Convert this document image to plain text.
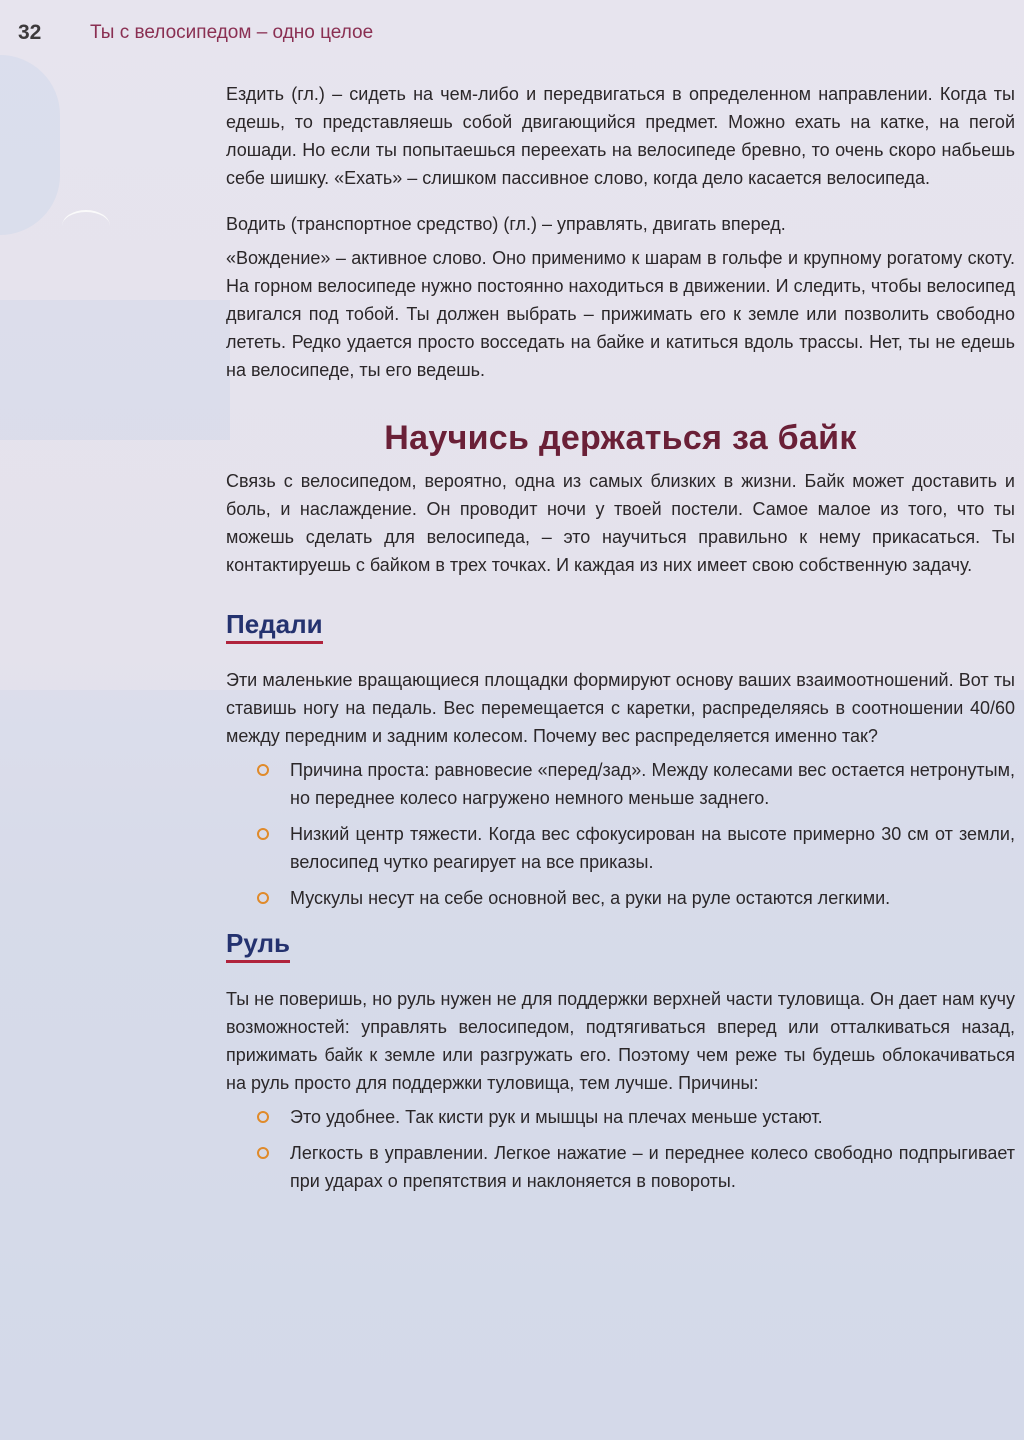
32	Ты с велосипедом – одно целое

Ездить (гл.) – сидеть на чем-либо и передвигаться в определенном направлении. Когда ты едешь, то представляешь собой двигающийся предмет. Можно ехать на катке, на пегой лошади. Но если ты попытаешься переехать на велосипеде бревно, то очень скоро набьешь себе шишку. «Ехать» – слишком пассивное слово, когда дело касается велосипеда.

Водить (транспортное средство) (гл.) – управлять, двигать вперед.

«Вождение» – активное слово. Оно применимо к шарам в гольфе и крупному рогатому скоту. На горном велосипеде нужно постоянно находиться в движении. И следить, чтобы велосипед двигался под тобой. Ты должен выбрать – прижимать его к земле или позволить свободно лететь. Редко удается просто восседать на байке и катиться вдоль трассы. Нет, ты не едешь на велосипеде, ты его ведешь.

Научись держаться за байк

Связь с велосипедом, вероятно, одна из самых близких в жизни. Байк может доставить и боль, и наслаждение. Он проводит ночи у твоей постели. Самое малое из того, что ты можешь сделать для велосипеда, – это научиться правильно к нему прикасаться. Ты контактируешь с байком в трех точках. И каждая из них имеет свою собственную задачу.

Педали

Эти маленькие вращающиеся площадки формируют основу ваших взаимоотношений. Вот ты ставишь ногу на педаль. Вес перемещается с каретки, распределяясь в соотношении 40/60 между передним и задним колесом. Почему вес распределяется именно так?

Причина проста: равновесие «перед/зад». Между колесами вес остается нетронутым, но переднее колесо нагружено немного меньше заднего.
Низкий центр тяжести. Когда вес сфокусирован на высоте примерно 30 см от земли, велосипед чутко реагирует на все приказы.
Мускулы несут на себе основной вес, а руки на руле остаются легкими.
Руль

Ты не поверишь, но руль нужен не для поддержки верхней части туловища. Он дает нам кучу возможностей: управлять велосипедом, подтягиваться вперед или отталкиваться назад, прижимать байк к земле или разгружать его. Поэтому чем реже ты будешь облокачиваться на руль просто для поддержки туловища, тем лучше. Причины:

Это удобнее. Так кисти рук и мышцы на плечах меньше устают.
Легкость в управлении. Легкое нажатие – и переднее колесо свободно подпрыгивает при ударах о препятствия и наклоняется в повороты.
